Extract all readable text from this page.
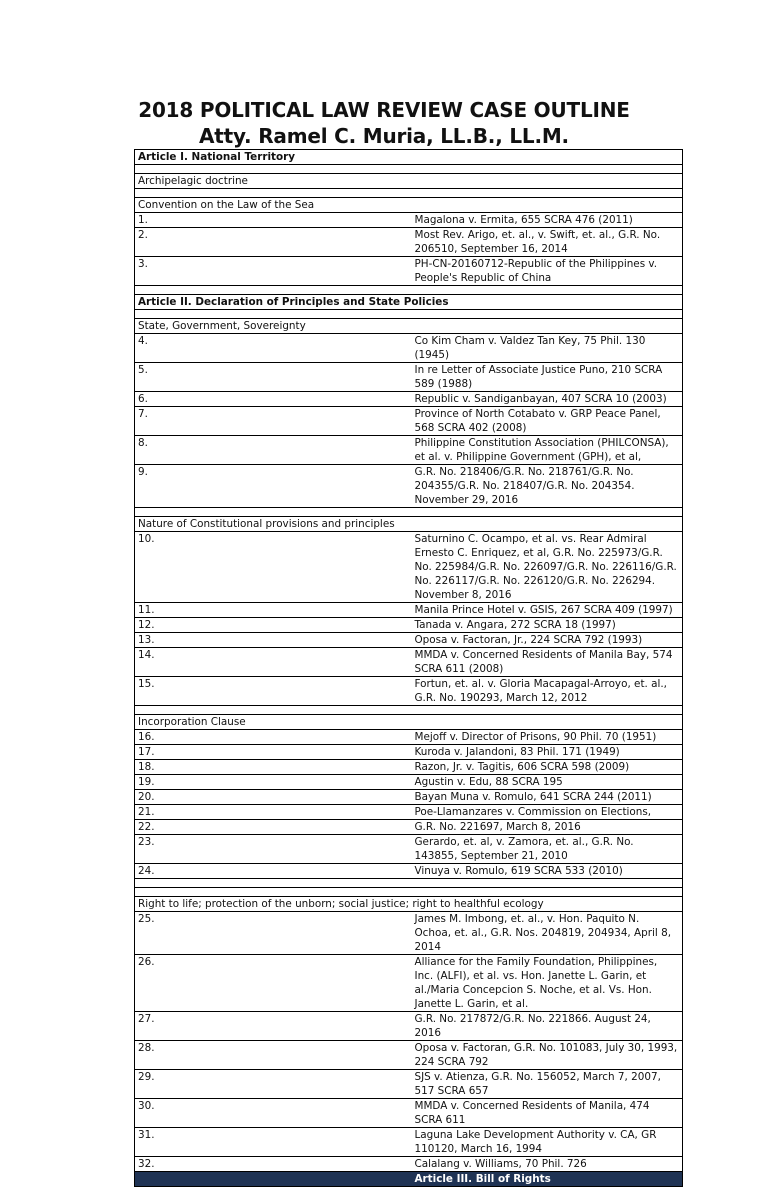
2018 POLITICAL LAW REVIEW CASE OUTLINE

Atty. Ramel C. Muria, LL.B., LL.M.

Article I. National Territory	

Archipelagic doctrine	

Convention on the Law of the Sea	
1.	Magalona v. Ermita, 655 SCRA 476 (2011)
2.	Most Rev. Arigo, et. al., v. Swift, et. al., G.R. No. 206510, September 16, 2014
3.	PH-CN-20160712-Republic of the Philippines v. People's Republic of China

Article II. Declaration of Principles and State Policies	

State, Government, Sovereignty	
4.	Co Kim Cham v. Valdez Tan Key, 75 Phil. 130 (1945)
5.	In re Letter of Associate Justice Puno, 210 SCRA 589 (1988)
6.	Republic v. Sandiganbayan, 407 SCRA 10 (2003)
7.	Province of North Cotabato v. GRP Peace Panel, 568 SCRA 402 (2008)
8.	Philippine Constitution Association (PHILCONSA), et al. v. Philippine Government (GPH), et al,
9.	G.R. No. 218406/G.R. No. 218761/G.R. No. 204355/G.R. No. 218407/G.R. No. 204354. November 29, 2016

Nature of Constitutional provisions and principles	
10.	Saturnino C. Ocampo, et al. vs. Rear Admiral Ernesto C. Enriquez, et al, G.R. No. 225973/G.R. No. 225984/G.R. No. 226097/G.R. No. 226116/G.R. No. 226117/G.R. No. 226120/G.R. No. 226294. November 8, 2016
11.	Manila Prince Hotel v. GSIS, 267 SCRA 409 (1997)
12.	Tanada v. Angara, 272 SCRA 18 (1997)
13.	Oposa v. Factoran, Jr., 224 SCRA 792 (1993)
14.	MMDA v. Concerned Residents of Manila Bay, 574 SCRA 611 (2008)
15.	Fortun, et. al. v. Gloria Macapagal-Arroyo, et. al., G.R. No. 190293, March 12, 2012

Incorporation Clause	
16.	Mejoff v. Director of Prisons, 90 Phil. 70 (1951)
17.	Kuroda v. Jalandoni, 83 Phil. 171 (1949)
18.	Razon, Jr. v. Tagitis, 606 SCRA 598 (2009)
19.	Agustin v. Edu, 88 SCRA 195
20.	Bayan Muna v. Romulo, 641 SCRA 244 (2011)
21.	Poe-Llamanzares v. Commission on Elections,
22.	G.R. No. 221697, March 8, 2016
23.	Gerardo, et. al, v. Zamora, et. al., G.R. No. 143855, September 21, 2010
24.	Vinuya v. Romulo, 619 SCRA 533 (2010)

Right to life; protection of the unborn; social justice; right to healthful ecology	
25.	James M. Imbong, et. al., v. Hon. Paquito N. Ochoa, et. al., G.R. Nos. 204819, 204934, April 8, 2014
26.	Alliance for the Family Foundation, Philippines, Inc. (ALFI), et al. vs. Hon. Janette L. Garin, et al./Maria Concepcion S. Noche, et al. Vs. Hon. Janette L. Garin, et al.
27.	G.R. No. 217872/G.R. No. 221866. August 24, 2016
28.	Oposa v. Factoran, G.R. No. 101083, July 30, 1993, 224 SCRA 792
29.	SJS v. Atienza, G.R. No. 156052, March 7, 2007, 517 SCRA 657
30.	MMDA v. Concerned Residents of Manila, 474 SCRA 611
31.	Laguna Lake Development Authority v. CA, GR 110120, March 16, 1994
32.	Calalang v. Williams, 70 Phil. 726
	Article III. Bill of Rights
